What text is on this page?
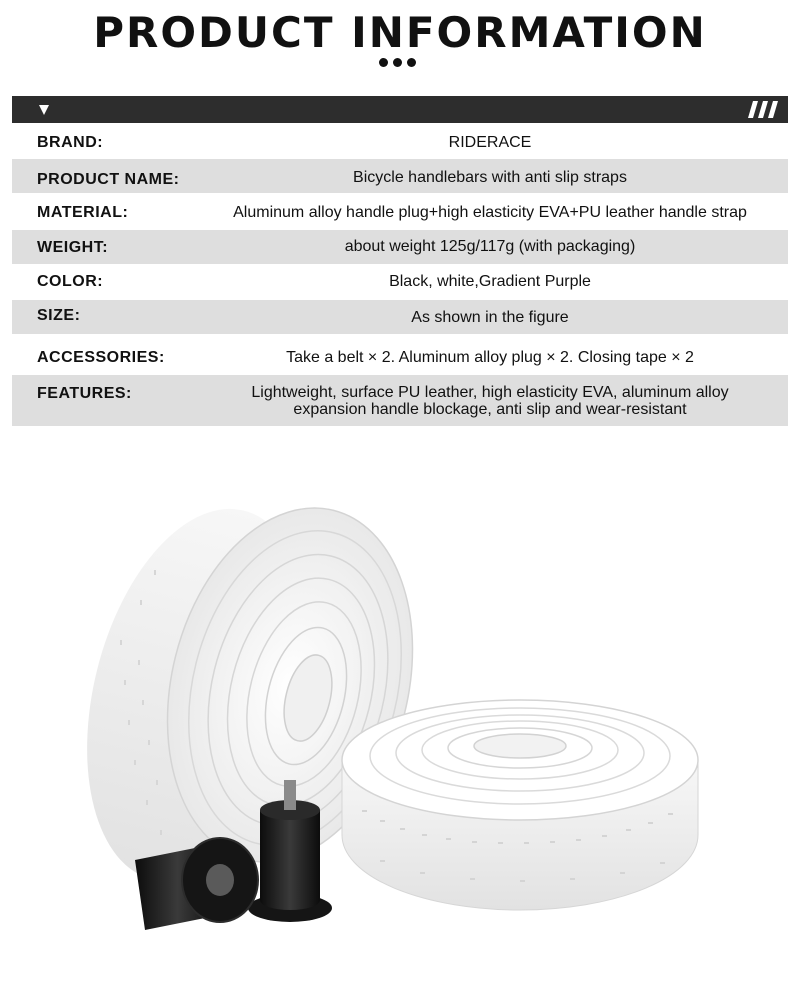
PRODUCT INFORMATION
BRAND:	RIDERACE
PRODUCT NAME:	Bicycle handlebars with anti slip straps
MATERIAL:	Aluminum alloy handle plug+high elasticity EVA+PU leather handle strap
WEIGHT:	about weight 125g/117g (with packaging)
COLOR:	Black, white,Gradient Purple
SIZE:	As shown in the figure
ACCESSORIES:	Take a belt × 2. Aluminum alloy plug × 2. Closing tape × 2
FEATURES:	Lightweight, surface PU leather, high elasticity EVA, aluminum alloy
expansion handle blockage, anti slip and wear-resistant
